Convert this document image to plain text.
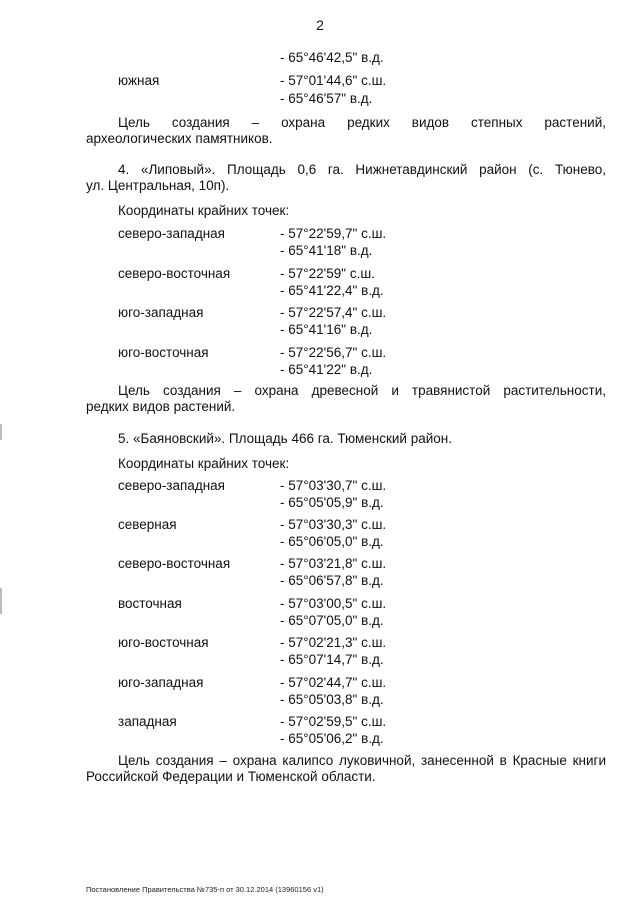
2
- 65°46'42,5" в.д.
южная	- 57°01'44,6" с.ш.
- 65°46'57" в.д.
Цель создания – охрана редких видов степных растений,
археологических памятников.
4. «Липовый». Площадь 0,6 га. Нижнетавдинский район (с. Тюнево,
ул. Центральная, 10п).
Координаты крайних точек:
северо-западная	- 57°22'59,7" с.ш.
- 65°41'18" в.д.
северо-восточная	- 57°22'59" с.ш.
- 65°41'22,4" в.д.
юго-западная	- 57°22'57,4" с.ш.
- 65°41'16" в.д.
юго-восточная	- 57°22'56,7" с.ш.
- 65°41'22" в.д.
Цель создания – охрана древесной и травянистой растительности,
редких видов растений.
5. «Баяновский». Площадь 466 га. Тюменский район.
Координаты крайних точек:
северо-западная	- 57°03'30,7" с.ш.
- 65°05'05,9" в.д.
северная	- 57°03'30,3" с.ш.
- 65°06'05,0" в.д.
северо-восточная	- 57°03'21,8" с.ш.
- 65°06'57,8" в.д.
восточная	- 57°03'00,5" с.ш.
- 65°07'05,0" в.д.
юго-восточная	- 57°02'21,3" с.ш.
- 65°07'14,7" в.д.
юго-западная	- 57°02'44,7" с.ш.
- 65°05'03,8" в.д.
западная	- 57°02'59,5" с.ш.
- 65°05'06,2" в.д.
Цель создания – охрана калипсо луковичной, занесенной в Красные книги
Российской Федерации и Тюменской области.
Постановление Правительства №735-п от 30.12.2014 (13960156 v1)
